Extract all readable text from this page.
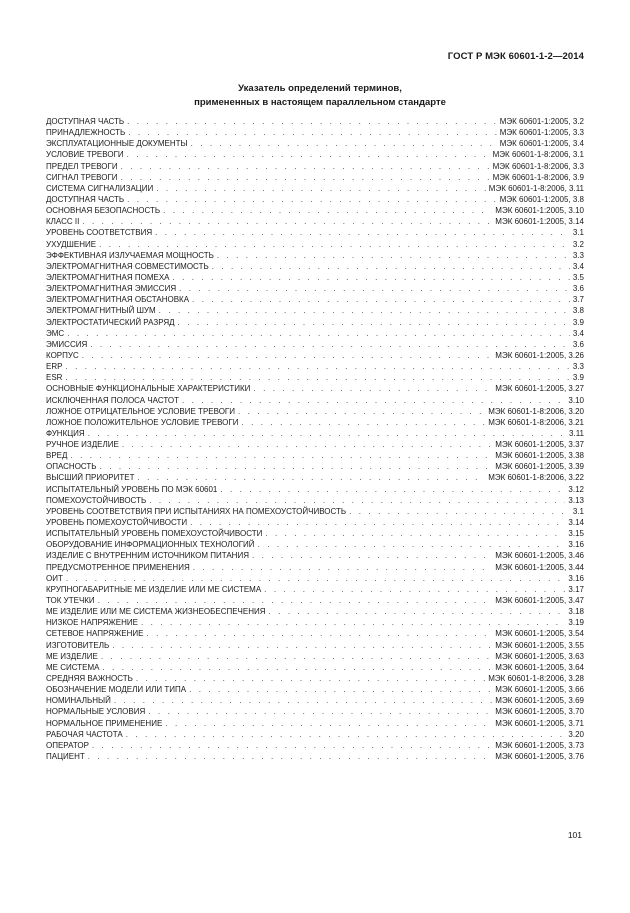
ГОСТ Р МЭК 60601-1-2—2014
Указатель определений терминов,
примененных в настоящем параллельном стандарте
ДОСТУПНАЯ ЧАСТЬ . . .	МЭК 60601-1:2005, 3.2
ПРИНАДЛЕЖНОСТЬ . . .	МЭК 60601-1:2005, 3.3
ЭКСПЛУАТАЦИОННЫЕ ДОКУМЕНТЫ . . .	МЭК 60601-1:2005, 3.4
УСЛОВИЕ ТРЕВОГИ . . .	МЭК 60601-1-8:2006, 3.1
ПРЕДЕЛ ТРЕВОГИ . . .	МЭК 60601-1-8:2006, 3.3
СИГНАЛ ТРЕВОГИ . . .	МЭК 60601-1-8:2006, 3.9
СИСТЕМА СИГНАЛИЗАЦИИ . . .	МЭК 60601-1-8:2006, 3.11
ДОСТУПНАЯ ЧАСТЬ . . .	МЭК 60601-1:2005, 3.8
ОСНОВНАЯ БЕЗОПАСНОСТЬ . . .	МЭК 60601-1:2005, 3.10
КЛАСС II . . .	МЭК 60601-1:2005, 3.14
УРОВЕНЬ СООТВЕТСТВИЯ . . .	3.1
УХУДШЕНИЕ . . .	3.2
ЭФФЕКТИВНАЯ ИЗЛУЧАЕМАЯ МОЩНОСТЬ . . .	3.3
ЭЛЕКТРОМАГНИТНАЯ СОВМЕСТИМОСТЬ . . .	3.4
ЭЛЕКТРОМАГНИТНАЯ ПОМЕХА . . .	3.5
ЭЛЕКТРОМАГНИТНАЯ ЭМИССИЯ . . .	3.6
ЭЛЕКТРОМАГНИТНАЯ ОБСТАНОВКА . . .	3.7
ЭЛЕКТРОМАГНИТНЫЙ ШУМ . . .	3.8
ЭЛЕКТРОСТАТИЧЕСКИЙ РАЗРЯД . . .	3.9
ЭМС . . .	3.4
ЭМИССИЯ . . .	3.6
КОРПУС . . .	МЭК 60601-1:2005, 3.26
ERP . . .	3.3
ESR . . .	3.9
ОСНОВНЫЕ ФУНКЦИОНАЛЬНЫЕ ХАРАКТЕРИСТИКИ . . .	МЭК 60601-1:2005, 3.27
ИСКЛЮЧЕННАЯ ПОЛОСА ЧАСТОТ . . .	3.10
ЛОЖНОЕ ОТРИЦАТЕЛЬНОЕ УСЛОВИЕ ТРЕВОГИ . . .	МЭК 60601-1-8:2006, 3.20
ЛОЖНОЕ ПОЛОЖИТЕЛЬНОЕ УСЛОВИЕ ТРЕВОГИ . . .	МЭК 60601-1-8:2006, 3.21
ФУНКЦИЯ . . .	3.11
РУЧНОЕ ИЗДЕЛИЕ . . .	МЭК 60601-1:2005, 3.37
ВРЕД . . .	МЭК 60601-1:2005, 3.38
ОПАСНОСТЬ . . .	МЭК 60601-1:2005, 3.39
ВЫСШИЙ ПРИОРИТЕТ . . .	МЭК 60601-1-8:2006, 3.22
ИСПЫТАТЕЛЬНЫЙ УРОВЕНЬ ПО МЭК 60601 . . .	3.12
ПОМЕХОУСТОЙЧИВОСТЬ . . .	3.13
УРОВЕНЬ СООТВЕТСТВИЯ ПРИ ИСПЫТАНИЯХ НА ПОМЕХОУСТОЙЧИВОСТЬ . . .	3.1
УРОВЕНЬ ПОМЕХОУСТОЙЧИВОСТИ . . .	3.14
ИСПЫТАТЕЛЬНЫЙ УРОВЕНЬ ПОМЕХОУСТОЙЧИВОСТИ . . .	3.15
ОБОРУДОВАНИЕ ИНФОРМАЦИОННЫХ ТЕХНОЛОГИЙ . . .	3.16
ИЗДЕЛИЕ С ВНУТРЕННИМ ИСТОЧНИКОМ ПИТАНИЯ . . .	МЭК 60601-1:2005, 3.46
ПРЕДУСМОТРЕННОЕ ПРИМЕНЕНИЯ . . .	МЭК 60601-1:2005, 3.44
ОИТ . . .	3.16
КРУПНОГАБАРИТНЫЕ МЕ ИЗДЕЛИЕ ИЛИ МЕ СИСТЕМА . . .	3.17
ТОК УТЕЧКИ . . .	МЭК 60601-1:2005, 3.47
МЕ ИЗДЕЛИЕ ИЛИ МЕ СИСТЕМА ЖИЗНЕОБЕСПЕЧЕНИЯ . . .	3.18
НИЗКОЕ НАПРЯЖЕНИЕ . . .	3.19
СЕТЕВОЕ НАПРЯЖЕНИЕ . . .	МЭК 60601-1:2005, 3.54
ИЗГОТОВИТЕЛЬ . . .	МЭК 60601-1:2005, 3.55
МЕ ИЗДЕЛИЕ . . .	МЭК 60601-1:2005, 3.63
МЕ СИСТЕМА . . .	МЭК 60601-1:2005, 3.64
СРЕДНЯЯ ВАЖНОСТЬ . . .	МЭК 60601-1-8:2006, 3.28
ОБОЗНАЧЕНИЕ МОДЕЛИ ИЛИ ТИПА . . .	МЭК 60601-1:2005, 3.66
НОМИНАЛЬНЫЙ . . .	МЭК 60601-1:2005, 3.69
НОРМАЛЬНЫЕ УСЛОВИЯ . . .	МЭК 60601-1:2005, 3.70
НОРМАЛЬНОЕ ПРИМЕНЕНИЕ . . .	МЭК 60601-1:2005, 3.71
РАБОЧАЯ ЧАСТОТА . . .	3.20
ОПЕРАТОР . . .	МЭК 60601-1:2005, 3.73
ПАЦИЕНТ . . .	МЭК 60601-1:2005, 3.76
101
